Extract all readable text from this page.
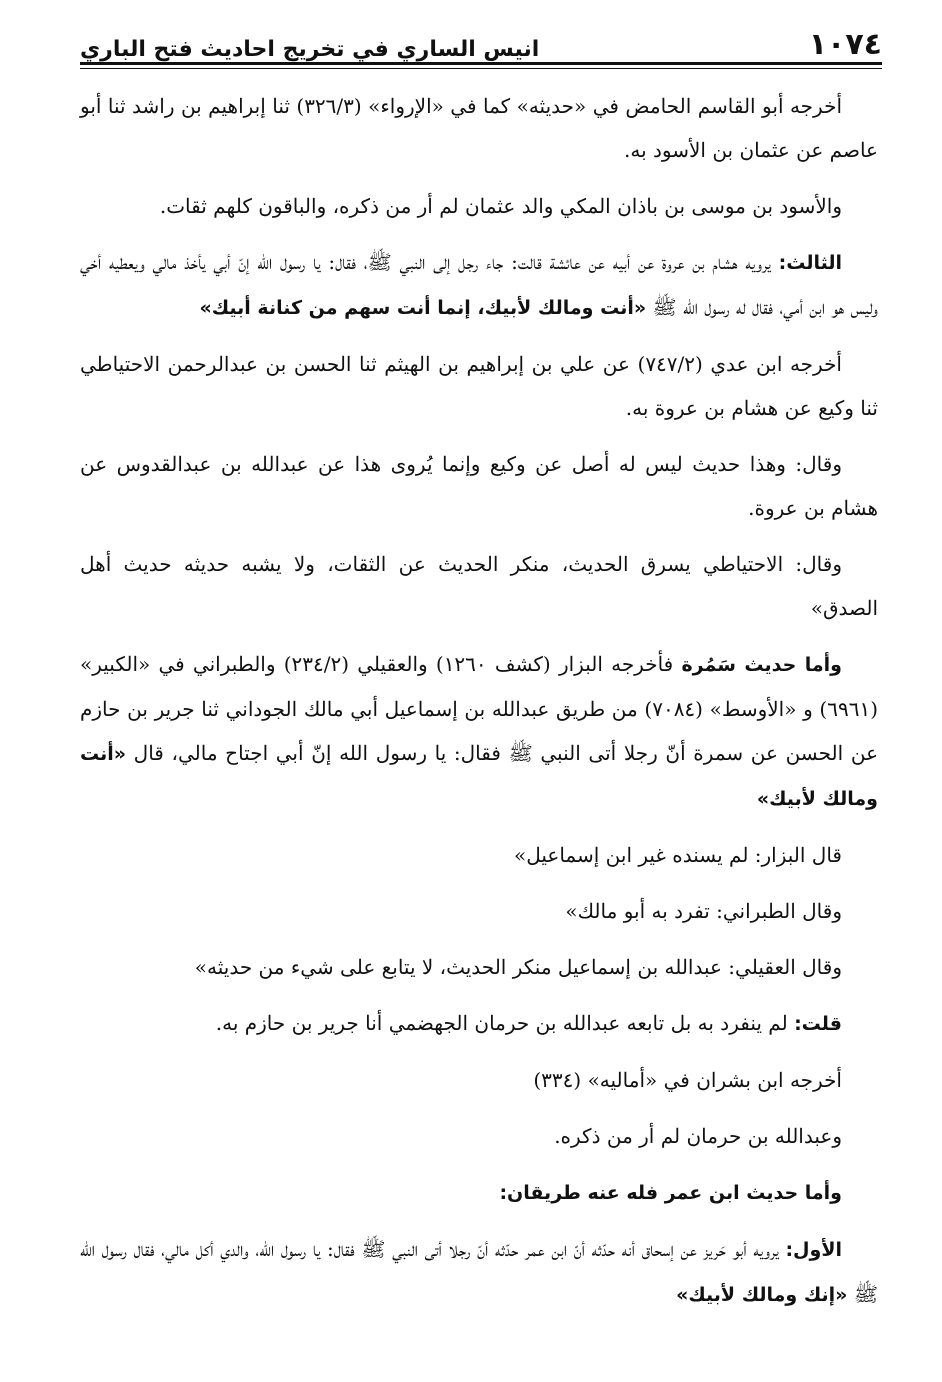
١٠٧٤
انيس الساري في تخريج احاديث فتح الباري

أخرجه أبو القاسم الحامض في «حديثه» كما في «الإرواء» (٣٢٦/٣) ثنا إبراهيم بن راشد ثنا أبو عاصم عن عثمان بن الأسود به.

والأسود بن موسى بن باذان المكي والد عثمان لم أر من ذكره، والباقون كلهم ثقات.

الثالث: يرويه هشام بن عروة عن أبيه عن عائشة قالت: جاء رجل إلى النبي ﷺ، فقال: يا رسول الله إنّ أبي يأخذ مالي ويعطيه أخي وليس هو ابن أمي، فقال له رسول الله ﷺ «أنت ومالك لأبيك، إنما أنت سهم من كنانة أبيك»

أخرجه ابن عدي (٧٤٧/٢) عن علي بن إبراهيم بن الهيثم ثنا الحسن بن عبدالرحمن الاحتياطي ثنا وكيع عن هشام بن عروة به.

وقال: وهذا حديث ليس له أصل عن وكيع وإنما يُروى هذا عن عبدالله بن عبدالقدوس عن هشام بن عروة.

وقال: الاحتياطي يسرق الحديث، منكر الحديث عن الثقات، ولا يشبه حديثه حديث أهل الصدق»

وأما حديث سَمُرة فأخرجه البزار (كشف ١٢٦٠) والعقيلي (٢٣٤/٢) والطبراني في «الكبير» (٦٩٦١) و «الأوسط» (٧٠٨٤) من طريق عبدالله بن إسماعيل أبي مالك الجوداني ثنا جرير بن حازم عن الحسن عن سمرة أنّ رجلا أتى النبي ﷺ فقال: يا رسول الله إنّ أبي اجتاح مالي، قال «أنت ومالك لأبيك»

قال البزار: لم يسنده غير ابن إسماعيل»

وقال الطبراني: تفرد به أبو مالك»

وقال العقيلي: عبدالله بن إسماعيل منكر الحديث، لا يتابع على شيء من حديثه»

قلت: لم ينفرد به بل تابعه عبدالله بن حرمان الجهضمي أنا جرير بن حازم به.

أخرجه ابن بشران في «أماليه» (٣٣٤)

وعبدالله بن حرمان لم أر من ذكره.

وأما حديث ابن عمر فله عنه طريقان:

الأول: يرويه أبو حَريز عن إسحاق أنه حدّثه أنّ ابن عمر حدّثه أنّ رجلا أتى النبي ﷺ فقال: يا رسول الله، والدي أكل مالي، فقال رسول الله ﷺ «إنك ومالك لأبيك»
